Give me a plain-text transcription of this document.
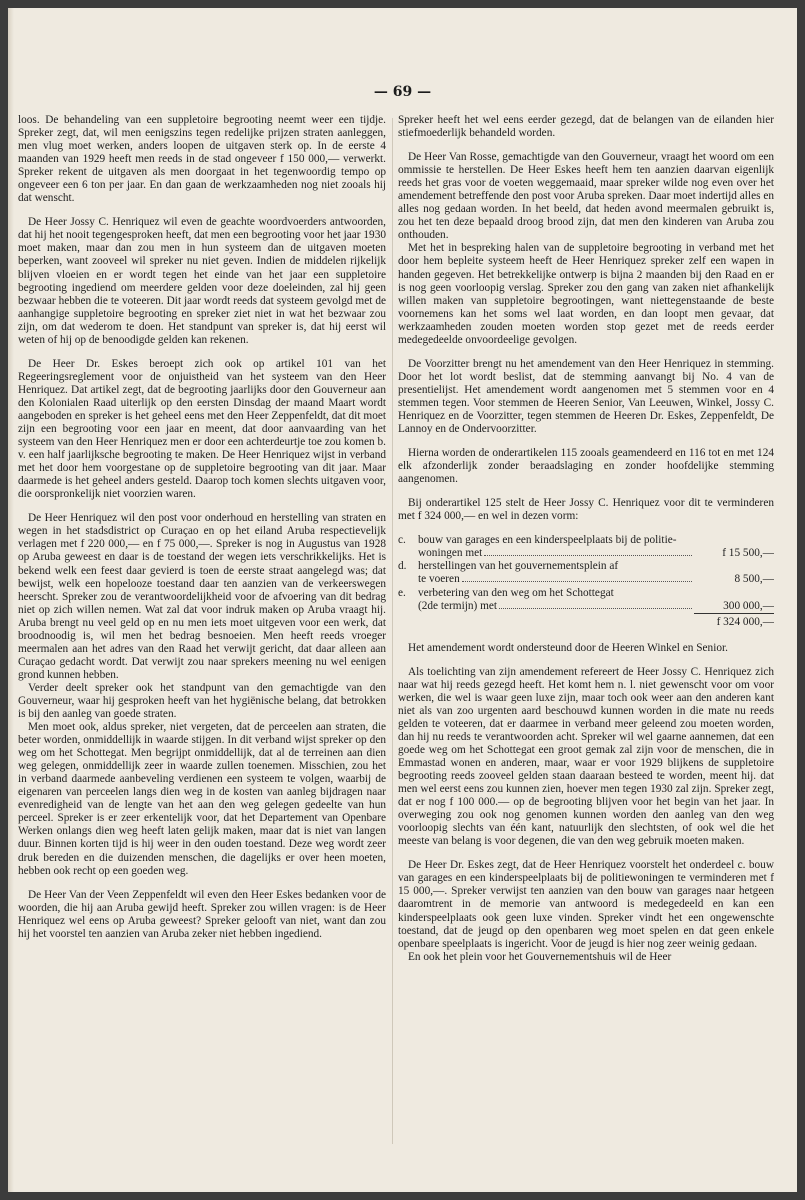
— 69 —

loos. De behandeling van een suppletoire begrooting neemt weer een tijdje. Spreker zegt, dat, wil men eenigszins tegen redelijke prijzen straten aanleggen, men vlug moet werken, anders loopen de uitgaven sterk op. In de eerste 4 maanden van 1929 heeft men reeds in de stad ongeveer f 150 000,— verwerkt. Spreker rekent de uitgaven als men doorgaat in het tegenwoordig tempo op ongeveer een 6 ton per jaar. En dan gaan de werkzaamheden nog niet zooals hij dat wenscht.

De Heer Jossy C. Henriquez wil even de geachte woordvoerders antwoorden, dat hij het nooit tegengesproken heeft, dat men een begrooting voor het jaar 1930 moet maken, maar dan zou men in hun systeem dan de uitgaven moeten beperken, want zooveel wil spreker nu niet geven. Indien de middelen rijkelijk blijven vloeien en er wordt tegen het einde van het jaar een suppletoire begrooting ingediend om meerdere gelden voor deze doeleinden, zal hij geen bezwaar hebben die te voteeren. Dit jaar wordt reeds dat systeem gevolgd met de aanhangige suppletoire begrooting en spreker ziet niet in wat het bezwaar zou zijn, om dat wederom te doen. Het standpunt van spreker is, dat hij eerst wil weten of hij op de benoodigde gelden kan rekenen.

De Heer Dr. Eskes beroept zich ook op artikel 101 van het Regeeringsreglement voor de onjuistheid van het systeem van den Heer Henriquez. Dat artikel zegt, dat de begrooting jaarlijks door den Gouverneur aan den Kolonialen Raad uiterlijk op den eersten Dinsdag der maand Maart wordt aangeboden en spreker is het geheel eens met den Heer Zeppenfeldt, dat dit moet zijn een begrooting voor een jaar en meent, dat door aanvaarding van het systeem van den Heer Henriquez men er door een achterdeurtje toe zou komen b. v. een half jaarlijksche begrooting te maken. De Heer Henriquez wijst in verband met het door hem voorgestane op de suppletoire begrooting van dit jaar. Maar daarmede is het geheel anders gesteld. Daarop toch komen slechts uitgaven voor, die oorspronkelijk niet voorzien waren.

De Heer Henriquez wil den post voor onderhoud en herstelling van straten en wegen in het stadsdistrict op Curaçao en op het eiland Aruba respectievelijk verlagen met f 220 000,— en f 75 000,—. Spreker is nog in Augustus van 1928 op Aruba geweest en daar is de toestand der wegen iets verschrikkelijks. Het is bekend welk een feest daar gevierd is toen de eerste straat aangelegd was; dat bewijst, welk een hopelooze toestand daar ten aanzien van de verkeerswegen heerscht. Spreker zou de verantwoordelijkheid voor de afvoering van dit bedrag niet op zich willen nemen. Wat zal dat voor indruk maken op Aruba vraagt hij. Aruba brengt nu veel geld op en nu men iets moet uitgeven voor een werk, dat broodnoodig is, wil men het bedrag besnoeien. Men heeft reeds vroeger meermalen aan het adres van den Raad het verwijt gericht, dat daar alleen aan Curaçao gedacht wordt. Dat verwijt zou naar sprekers meening nu wel eenigen grond kunnen hebben.

Verder deelt spreker ook het standpunt van den gemachtigde van den Gouverneur, waar hij gesproken heeft van het hygiënische belang, dat betrokken is bij den aanleg van goede straten.

Men moet ook, aldus spreker, niet vergeten, dat de perceelen aan straten, die beter worden, onmiddellijk in waarde stijgen. In dit verband wijst spreker op den weg om het Schottegat. Men begrijpt onmiddellijk, dat al de terreinen aan dien weg gelegen, onmiddellijk zeer in waarde zullen toenemen. Misschien, zou het in verband daarmede aanbeveling verdienen een systeem te volgen, waarbij de eigenaren van perceelen langs dien weg in de kosten van aanleg bijdragen naar evenredigheid van de lengte van het aan den weg gelegen gedeelte van hun perceel. Spreker is er zeer erkentelijk voor, dat het Departement van Openbare Werken onlangs dien weg heeft laten gelijk maken, maar dat is niet van langen duur. Binnen korten tijd is hij weer in den ouden toestand. Deze weg wordt zeer druk bereden en die duizenden menschen, die dagelijks er over heen moeten, hebben ook recht op een goeden weg.

De Heer Van der Veen Zeppenfeldt wil even den Heer Eskes bedanken voor de woorden, die hij aan Aruba gewijd heeft. Spreker zou willen vragen: is de Heer Henriquez wel eens op Aruba geweest? Spreker gelooft van niet, want dan zou hij het voorstel ten aanzien van Aruba zeker niet hebben ingediend.

Spreker heeft het wel eens eerder gezegd, dat de belangen van de eilanden hier stiefmoederlijk behandeld worden.

De Heer Van Rosse, gemachtigde van den Gouverneur, vraagt het woord om een ommissie te herstellen. De Heer Eskes heeft hem ten aanzien daarvan eigenlijk reeds het gras voor de voeten weggemaaid, maar spreker wilde nog even over het amendement betreffende den post voor Aruba spreken. Daar moet indertijd alles en alles nog gedaan worden. In het beeld, dat heden avond meermalen gebruikt is, zou het ten deze bepaald droog brood zijn, dat men den kinderen van Aruba zou onthouden.

Met het in bespreking halen van de suppletoire begrooting in verband met het door hem bepleite systeem heeft de Heer Henriquez spreker zelf een wapen in handen gegeven. Het betrekkelijke ontwerp is bijna 2 maanden bij den Raad en er is nog geen voorloopig verslag. Spreker zou den gang van zaken niet afhankelijk willen maken van suppletoire begrootingen, want niettegenstaande de beste voornemens kan het soms wel laat worden, en dan loopt men gevaar, dat werkzaamheden zouden moeten worden stop gezet met de reeds eerder medegedeelde onvoordeelige gevolgen.

De Voorzitter brengt nu het amendement van den Heer Henriquez in stemming. Door het lot wordt beslist, dat de stemming aanvangt bij No. 4 van de presentielijst. Het amendement wordt aangenomen met 5 stemmen voor en 4 stemmen tegen. Voor stemmen de Heeren Senior, Van Leeuwen, Winkel, Jossy C. Henriquez en de Voorzitter, tegen stemmen de Heeren Dr. Eskes, Zeppenfeldt, De Lannoy en de Ondervoorzitter.

Hierna worden de onderartikelen 115 zooals geamendeerd en 116 tot en met 124 elk afzonderlijk zonder beraadslaging en zonder hoofdelijke stemming aangenomen.

Bij onderartikel 125 stelt de Heer Jossy C. Henriquez voor dit te verminderen met f 324 000,— en wel in dezen vorm:

c.	bouw van garages en een kinderspeelplaats bij de politie-	

	woningen met	f 15 500,—
d.	herstellingen van het gouvernementsplein af	

	te voeren	8 500,—
e.	verbetering van den weg om het Schottegat	

	(2de termijn) met	300 000,—

f 324 000,—

Het amendement wordt ondersteund door de Heeren Winkel en Senior.

Als toelichting van zijn amendement refereert de Heer Jossy C. Henriquez zich naar wat hij reeds gezegd heeft. Het komt hem n. l. niet gewenscht voor om voor werken, die wel is waar geen luxe zijn, maar toch ook weer aan den anderen kant niet als van zoo urgenten aard beschouwd kunnen worden in die mate nu reeds gelden te voteeren, dat er daarmee in verband meer geleend zou moeten worden, dan hij nu reeds te verantwoorden acht. Spreker wil wel gaarne aannemen, dat een goede weg om het Schottegat een groot gemak zal zijn voor de menschen, die in Emmastad wonen en anderen, maar, waar er voor 1929 blijkens de suppletoire begrooting reeds zooveel gelden staan daaraan besteed te worden, meent hij. dat men wel eerst eens zou kunnen zien, hoever men tegen 1930 zal zijn. Spreker zegt, dat er nog f 100 000.— op de begrooting blijven voor het begin van het jaar. In overweging zou ook nog genomen kunnen worden den aanleg van den weg voorloopig slechts van één kant, natuurlijk den slechtsten, of ook wel die het meeste van belang is voor degenen, die van den weg gebruik moeten maken.

De Heer Dr. Eskes zegt, dat de Heer Henriquez voorstelt het onderdeel c. bouw van garages en een kinderspeelplaats bij de politiewoningen te verminderen met f 15 000,—. Spreker verwijst ten aanzien van den bouw van garages naar hetgeen daaromtrent in de memorie van antwoord is medegedeeld en kan een kinderspeelplaats ook geen luxe vinden. Spreker vindt het een ongewenschte toestand, dat de jeugd op den openbaren weg moet spelen en dat geen enkele openbare speelplaats is ingericht. Voor de jeugd is hier nog zeer weinig gedaan.

En ook het plein voor het Gouvernementshuis wil de Heer
